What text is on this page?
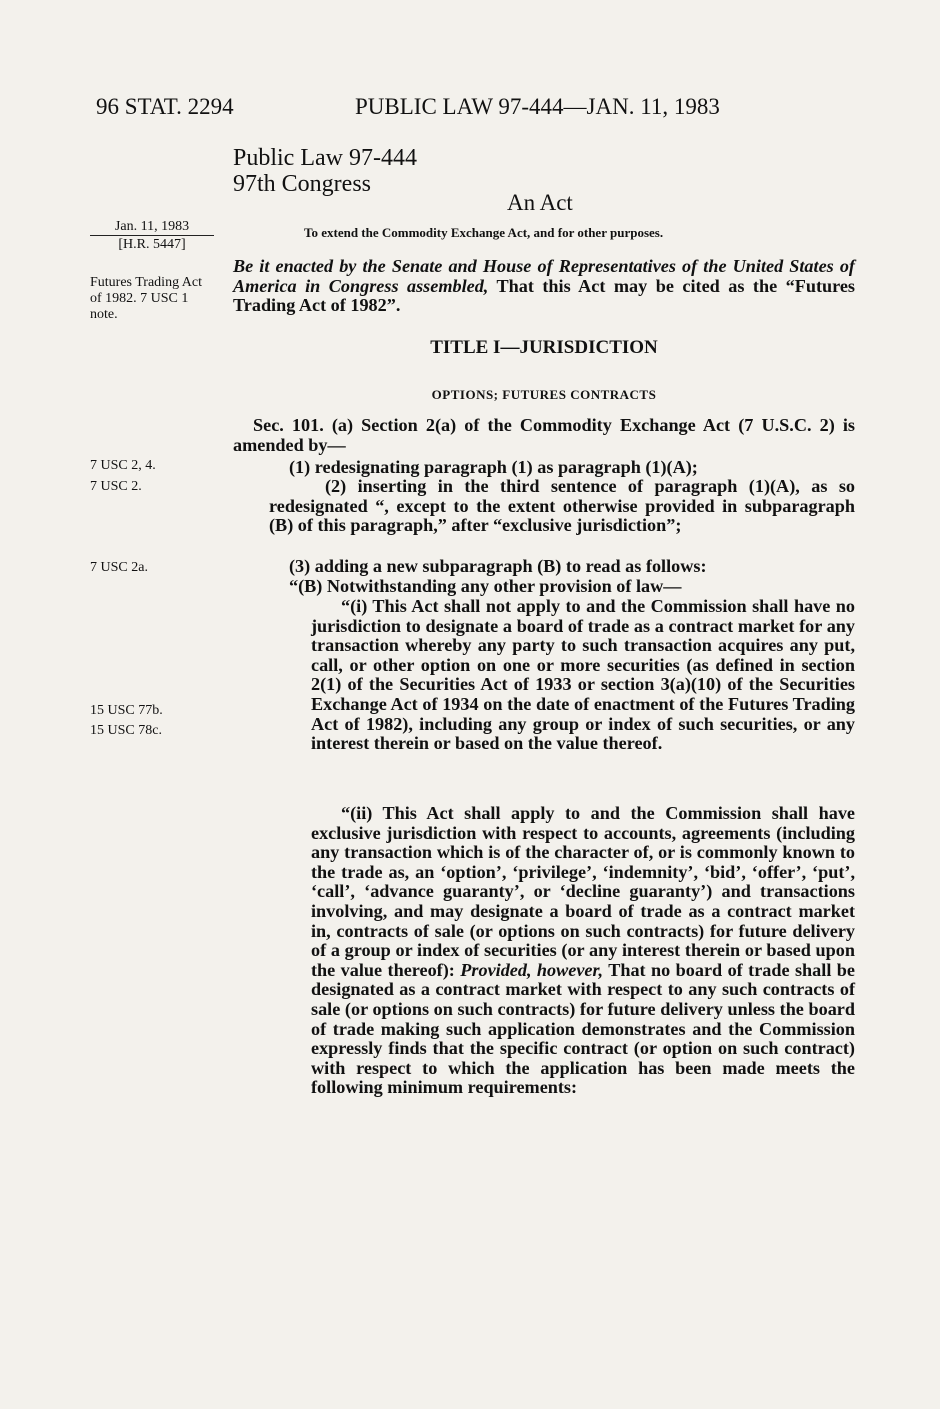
96 STAT. 2294	PUBLIC LAW 97-444—JAN. 11, 1983
Public Law 97-444
97th Congress
An Act
Jan. 11, 1983
[H.R. 5447]
Futures Trading Act of 1982. 7 USC 1 note.
To extend the Commodity Exchange Act, and for other purposes.
Be it enacted by the Senate and House of Representatives of the United States of America in Congress assembled, That this Act may be cited as the “Futures Trading Act of 1982”.
TITLE I—JURISDICTION
OPTIONS; FUTURES CONTRACTS
Sec. 101. (a) Section 2(a) of the Commodity Exchange Act (7 U.S.C. 2) is amended by—
7 USC 2, 4.
7 USC 2.
7 USC 2a.
15 USC 77b.
15 USC 78c.
(1) redesignating paragraph (1) as paragraph (1)(A);
(2) inserting in the third sentence of paragraph (1)(A), as so redesignated “, except to the extent otherwise provided in subparagraph (B) of this paragraph,” after “exclusive jurisdiction”;
(3) adding a new subparagraph (B) to read as follows:
“(B) Notwithstanding any other provision of law—
“(i) This Act shall not apply to and the Commission shall have no jurisdiction to designate a board of trade as a contract market for any transaction whereby any party to such transaction acquires any put, call, or other option on one or more securities (as defined in section 2(1) of the Securities Act of 1933 or section 3(a)(10) of the Securities Exchange Act of 1934 on the date of enactment of the Futures Trading Act of 1982), including any group or index of such securities, or any interest therein or based on the value thereof.
“(ii) This Act shall apply to and the Commission shall have exclusive jurisdiction with respect to accounts, agreements (including any transaction which is of the character of, or is commonly known to the trade as, an ‘option’, ‘privilege’, ‘indemnity’, ‘bid’, ‘offer’, ‘put’, ‘call’, ‘advance guaranty’, or ‘decline guaranty’) and transactions involving, and may designate a board of trade as a contract market in, contracts of sale (or options on such contracts) for future delivery of a group or index of securities (or any interest therein or based upon the value thereof): Provided, however, That no board of trade shall be designated as a contract market with respect to any such contracts of sale (or options on such contracts) for future delivery unless the board of trade making such application demonstrates and the Commission expressly finds that the specific contract (or option on such contract) with respect to which the application has been made meets the following minimum requirements:
